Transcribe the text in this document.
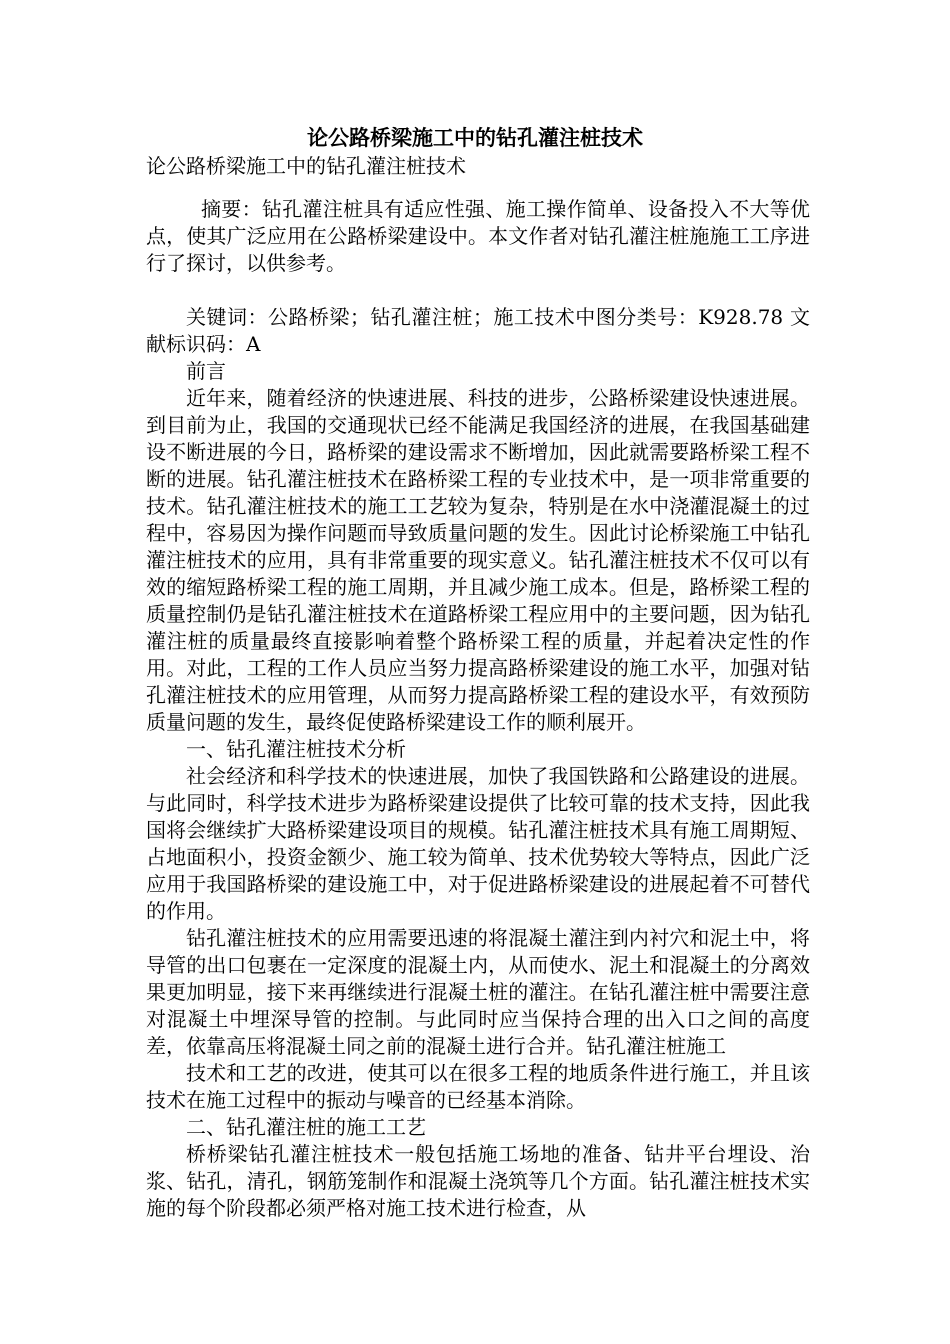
论公路桥梁施工中的钻孔灌注桩技术
论公路桥梁施工中的钻孔灌注桩技术

摘要：钻孔灌注桩具有适应性强、施工操作简单、设备投入不大等优点，使其广泛应用在公路桥梁建设中。本文作者对钻孔灌注桩施施工工序进行了探讨，以供参考。

关键词：公路桥梁；钻孔灌注桩；施工技术中图分类号：K928.78 文献标识码：A

前言

近年来，随着经济的快速进展、科技的进步，公路桥梁建设快速进展。到目前为止，我国的交通现状已经不能满足我国经济的进展，在我国基础建设不断进展的今日，路桥梁的建设需求不断增加，因此就需要路桥梁工程不断的进展。钻孔灌注桩技术在路桥梁工程的专业技术中，是一项非常重要的技术。钻孔灌注桩技术的施工工艺较为复杂，特别是在水中浇灌混凝土的过程中，容易因为操作问题而导致质量问题的发生。因此讨论桥梁施工中钻孔灌注桩技术的应用，具有非常重要的现实意义。钻孔灌注桩技术不仅可以有效的缩短路桥梁工程的施工周期，并且减少施工成本。但是，路桥梁工程的质量控制仍是钻孔灌注桩技术在道路桥梁工程应用中的主要问题，因为钻孔灌注桩的质量最终直接影响着整个路桥梁工程的质量，并起着决定性的作用。对此，工程的工作人员应当努力提高路桥梁建设的施工水平，加强对钻孔灌注桩技术的应用管理，从而努力提高路桥梁工程的建设水平，有效预防质量问题的发生，最终促使路桥梁建设工作的顺利展开。

一、钻孔灌注桩技术分析

社会经济和科学技术的快速进展，加快了我国铁路和公路建设的进展。与此同时，科学技术进步为路桥梁建设提供了比较可靠的技术支持，因此我国将会继续扩大路桥梁建设项目的规模。钻孔灌注桩技术具有施工周期短、占地面积小，投资金额少、施工较为简单、技术优势较大等特点，因此广泛应用于我国路桥梁的建设施工中，对于促进路桥梁建设的进展起着不可替代的作用。

钻孔灌注桩技术的应用需要迅速的将混凝土灌注到内衬穴和泥土中，将导管的出口包裹在一定深度的混凝土内，从而使水、泥土和混凝土的分离效果更加明显，接下来再继续进行混凝土桩的灌注。在钻孔灌注桩中需要注意对混凝土中埋深导管的控制。与此同时应当保持合理的出入口之间的高度差，依靠高压将混凝土同之前的混凝土进行合并。钻孔灌注桩施工

技术和工艺的改进，使其可以在很多工程的地质条件进行施工，并且该技术在施工过程中的振动与噪音的已经基本消除。

二、钻孔灌注桩的施工工艺

桥桥梁钻孔灌注桩技术一般包括施工场地的准备、钻井平台埋设、治浆、钻孔，清孔，钢筋笼制作和混凝土浇筑等几个方面。钻孔灌注桩技术实施的每个阶段都必须严格对施工技术进行检查，从
